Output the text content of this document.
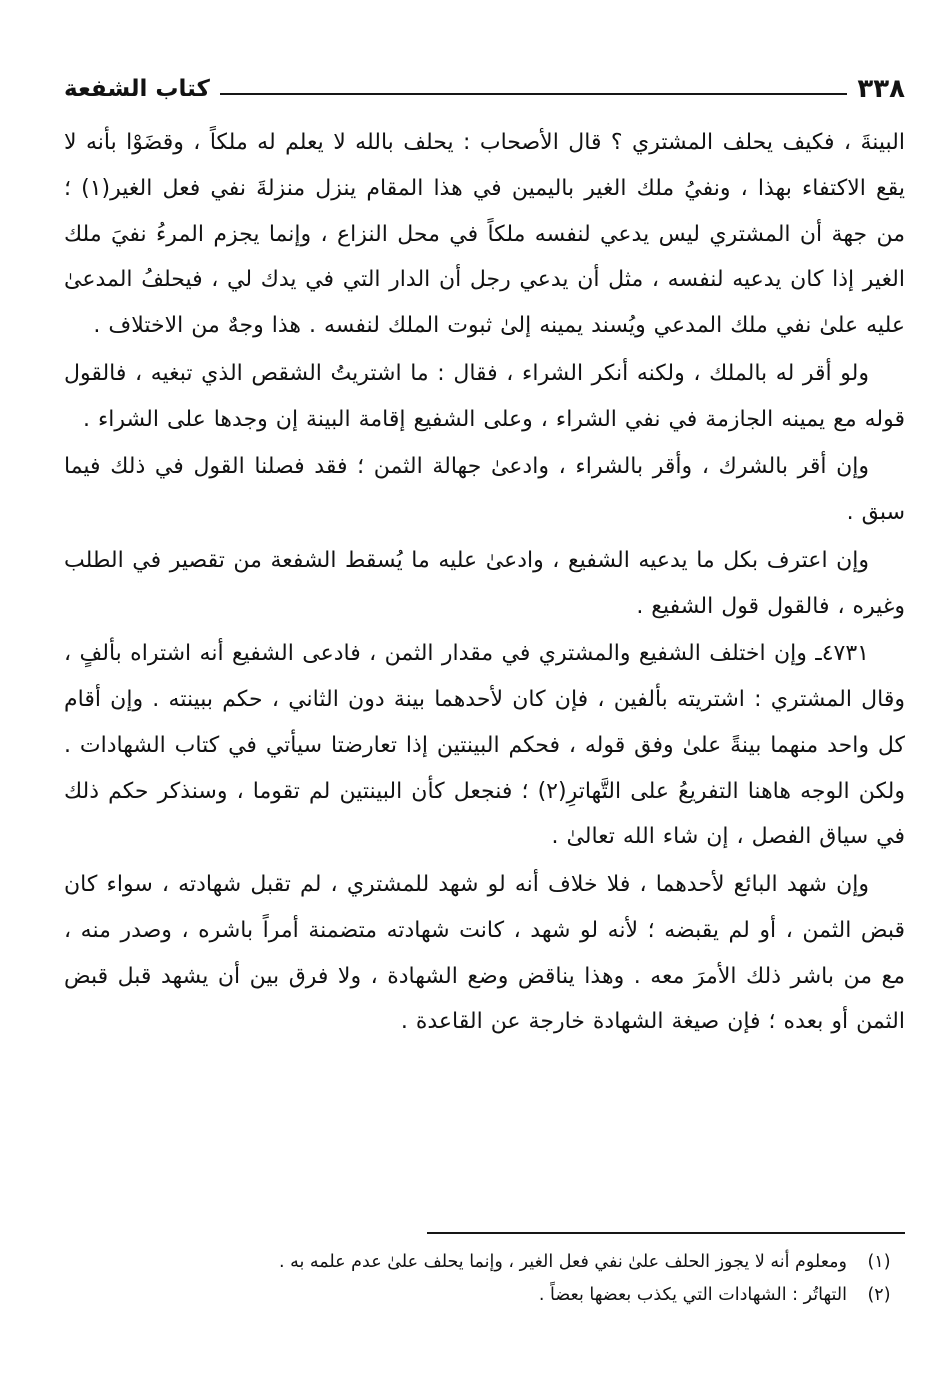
٣٣٨
كتاب الشفعة

البينةَ ، فكيف يحلف المشتري ؟ قال الأصحاب : يحلف بالله لا يعلم له ملكاً ، وقضَوْا بأنه لا يقع الاكتفاء بهذا ، ونفيُ ملك الغير باليمين في هذا المقام ينزل منزلةَ نفي فعل الغير(١) ؛ من جهة أن المشتري ليس يدعي لنفسه ملكاً في محل النزاع ، وإنما يجزم المرءُ نفيَ ملك الغير إذا كان يدعيه لنفسه ، مثل أن يدعي رجل أن الدار التي في يدك لي ، فيحلفُ المدعىٰ عليه علىٰ نفي ملك المدعي ويُسند يمينه إلىٰ ثبوت الملك لنفسه . هذا وجهٌ من الاختلاف .

ولو أقر له بالملك ، ولكنه أنكر الشراء ، فقال : ما اشتريتُ الشقص الذي تبغيه ، فالقول قوله مع يمينه الجازمة في نفي الشراء ، وعلى الشفيع إقامة البينة إن وجدها على الشراء .

وإن أقر بالشرك ، وأقر بالشراء ، وادعىٰ جهالة الثمن ؛ فقد فصلنا القول في ذلك فيما سبق .

وإن اعترف بكل ما يدعيه الشفيع ، وادعىٰ عليه ما يُسقط الشفعة من تقصير في الطلب وغيره ، فالقول قول الشفيع .

٤٧٣١ـ وإن اختلف الشفيع والمشتري في مقدار الثمن ، فادعى الشفيع أنه اشتراه بألفٍ ، وقال المشتري : اشتريته بألفين ، فإن كان لأحدهما بينة دون الثاني ، حكم ببينته . وإن أقام كل واحد منهما بينةً علىٰ وفق قوله ، فحكم البينتين إذا تعارضتا سيأتي في كتاب الشهادات . ولكن الوجه هاهنا التفريعُ على التَّهاترِ(٢) ؛ فنجعل كأن البينتين لم تقوما ، وسنذكر حكم ذلك في سياق الفصل ، إن شاء الله تعالىٰ .

وإن شهد البائع لأحدهما ، فلا خلاف أنه لو شهد للمشتري ، لم تقبل شهادته ، سواء كان قبض الثمن ، أو لم يقبضه ؛ لأنه لو شهد ، كانت شهادته متضمنة أمراً باشره ، وصدر منه ، مع من باشر ذلك الأمرَ معه . وهذا يناقض وضع الشهادة ، ولا فرق بين أن يشهد قبل قبض الثمن أو بعده ؛ فإن صيغة الشهادة خارجة عن القاعدة .

(١)
ومعلوم أنه لا يجوز الحلف علىٰ نفي فعل الغير ، وإنما يحلف علىٰ عدم علمه به .
(٢)
التهاتُر : الشهادات التي يكذب بعضها بعضاً .
